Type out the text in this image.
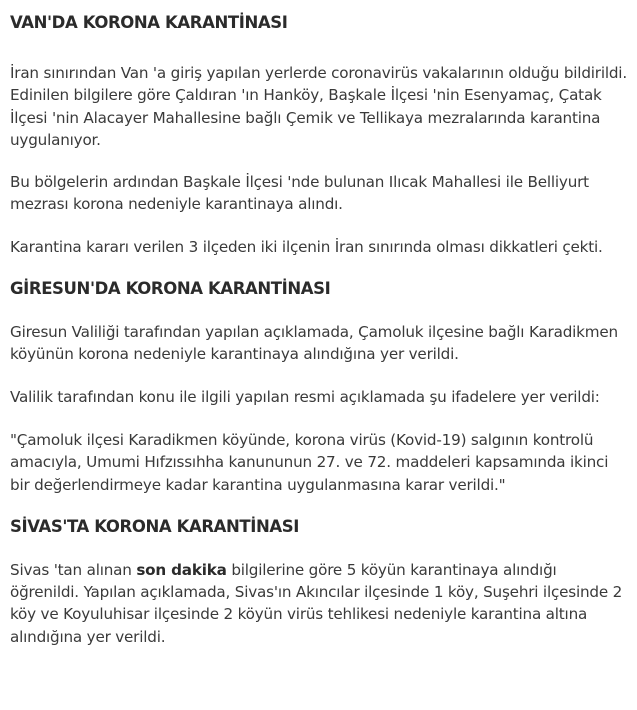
VAN'DA KORONA KARANTİNASI

İran sınırından Van 'a giriş yapılan yerlerde coronavirüs vakalarının olduğu bildirildi. Edinilen bilgilere göre Çaldıran 'ın Hanköy, Başkale İlçesi 'nin Esenyamaç, Çatak İlçesi 'nin Alacayer Mahallesine bağlı Çemik ve Tellikaya mezralarında karantina uygulanıyor.

Bu bölgelerin ardından Başkale İlçesi 'nde bulunan Ilıcak Mahallesi ile Belliyurt mezrası korona nedeniyle karantinaya alındı.

Karantina kararı verilen 3 ilçeden iki ilçenin İran sınırında olması dikkatleri çekti.

GİRESUN'DA KORONA KARANTİNASI

Giresun Valiliği tarafından yapılan açıklamada, Çamoluk ilçesine bağlı Karadikmen köyünün korona nedeniyle karantinaya alındığına yer verildi.

Valilik tarafından konu ile ilgili yapılan resmi açıklamada şu ifadelere yer verildi:

"Çamoluk ilçesi Karadikmen köyünde, korona virüs (Kovid-19) salgının kontrolü amacıyla, Umumi Hıfzıssıhha kanununun 27. ve 72. maddeleri kapsamında ikinci bir değerlendirmeye kadar karantina uygulanmasına karar verildi."

SİVAS'TA KORONA KARANTİNASI

Sivas 'tan alınan son dakika bilgilerine göre 5 köyün karantinaya alındığı öğrenildi. Yapılan açıklamada, Sivas'ın Akıncılar ilçesinde 1 köy, Suşehri ilçesinde 2 köy ve Koyuluhisar ilçesinde 2 köyün virüs tehlikesi nedeniyle karantina altına alındığına yer verildi.
